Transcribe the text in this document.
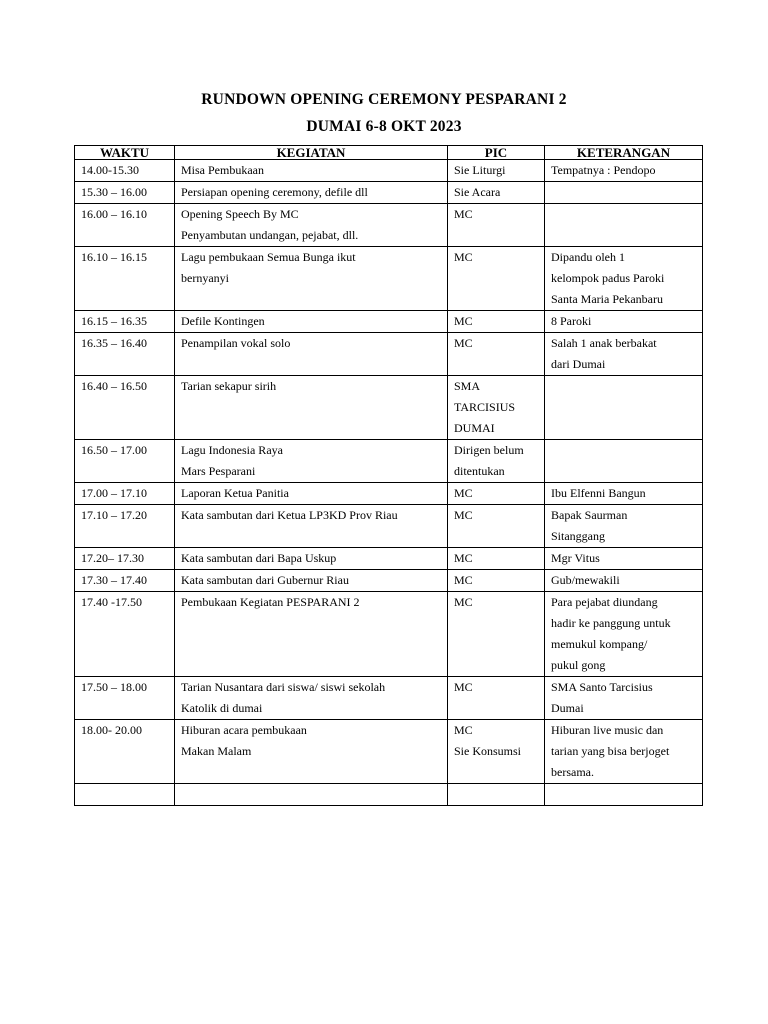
RUNDOWN OPENING CEREMONY PESPARANI 2
DUMAI 6-8 OKT 2023
WAKTU	KEGIATAN	PIC	KETERANGAN

14.00-15.30	Misa Pembukaan	Sie Liturgi	Tempatnya : Pendopo

15.30 – 16.00	Persiapan opening ceremony, defile dll	Sie Acara	

16.00 – 16.10	Opening Speech By MC
Penyambutan undangan, pejabat, dll.	MC	

16.10 – 16.15	Lagu pembukaan Semua Bunga ikut
bernyanyi	MC	Dipandu oleh 1
kelompok padus Paroki
Santa Maria Pekanbaru

16.15 – 16.35	Defile Kontingen	MC	8 Paroki

16.35 – 16.40	Penampilan vokal solo	MC	Salah 1 anak berbakat
dari Dumai

16.40 – 16.50	Tarian sekapur sirih	SMA
TARCISIUS
DUMAI	

16.50 – 17.00	Lagu Indonesia Raya
Mars Pesparani	Dirigen belum
ditentukan	

17.00 – 17.10	Laporan Ketua Panitia	MC	Ibu Elfenni Bangun

17.10 – 17.20	Kata sambutan dari Ketua LP3KD Prov Riau	MC	Bapak Saurman
Sitanggang

17.20– 17.30	Kata sambutan dari Bapa Uskup	MC	Mgr Vitus

17.30 – 17.40	Kata sambutan dari Gubernur Riau	MC	Gub/mewakili

17.40 -17.50	Pembukaan Kegiatan PESPARANI 2	MC	Para pejabat diundang
hadir ke panggung untuk
memukul kompang/
pukul gong

17.50 – 18.00	Tarian Nusantara dari siswa/ siswi sekolah
Katolik di dumai	MC	SMA Santo Tarcisius
Dumai

18.00- 20.00	Hiburan acara pembukaan
Makan Malam	MC
Sie Konsumsi	Hiburan live music dan
tarian yang bisa berjoget
bersama.
